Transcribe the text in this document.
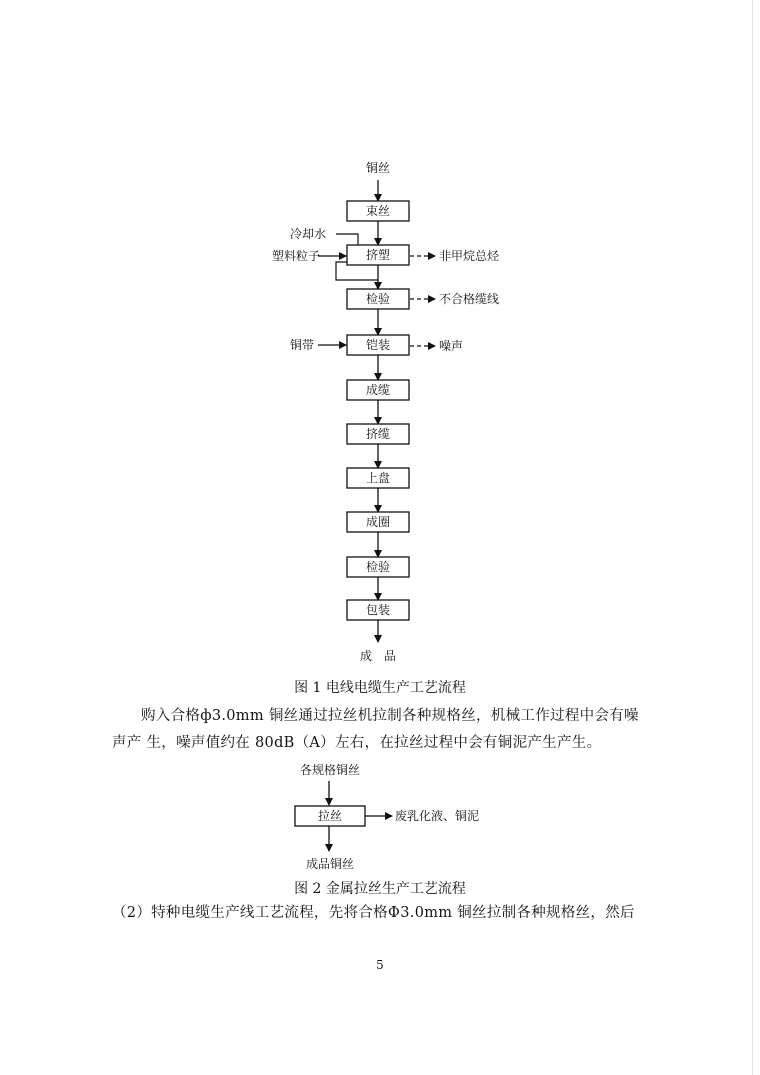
铜丝
束丝
挤塑
检验
铠装
成缆
挤缆
上盘
成圈
检验
包装
成　品
冷却水
塑料粒子
铜带
非甲烷总烃
不合格缆线
噪声
各规格铜丝
拉丝	废乳化液、铜泥
成品铜丝
图 1 电线电缆生产工艺流程

购入合格ф3.0mm 铜丝通过拉丝机拉制各种规格丝，机械工作过程中会有噪

声产 生，噪声值约在 80dB（A）左右，在拉丝过程中会有铜泥产生产生。

图 2 金属拉丝生产工艺流程

（2）特种电缆生产线工艺流程，先将合格Ф3.0mm 铜丝拉制各种规格丝，然后

5
